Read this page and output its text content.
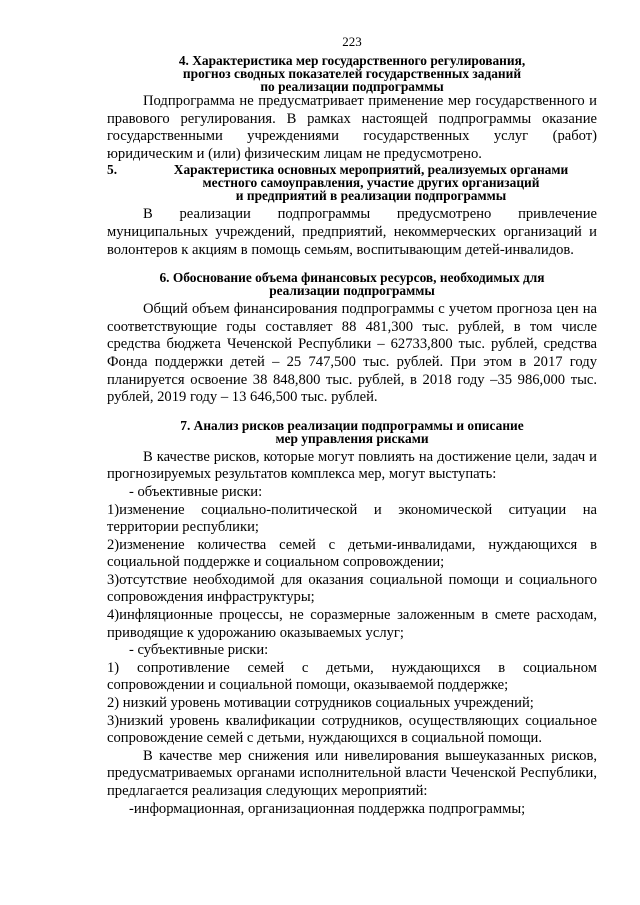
223
4. Характеристика мер государственного регулирования,
прогноз сводных показателей государственных заданий
по реализации подпрограммы

Подпрограмма не предусматривает применение мер государственного и правового регулирования. В рамках настоящей подпрограммы оказание государственными учреждениями государственных услуг (работ) юридическим и (или) физическим лицам не предусмотрено.

5.	Характеристика основных мероприятий, реализуемых органами
местного самоуправления, участие других организаций
и предприятий в реализации подпрограммы

В реализации подпрограммы предусмотрено привлечение муниципальных учреждений, предприятий, некоммерческих организаций и волонтеров к акциям в помощь семьям, воспитывающим детей-инвалидов.

6. Обоснование объема финансовых ресурсов, необходимых для
реализации подпрограммы

Общий объем финансирования подпрограммы с учетом прогноза цен на соответствующие годы составляет 88 481,300 тыс. рублей, в том числе средства бюджета Чеченской Республики – 62733,800 тыс. рублей, средства Фонда поддержки детей – 25 747,500 тыс. рублей. При этом в 2017 году планируется освоение 38 848,800 тыс. рублей, в 2018 году –35 986,000 тыс. рублей, 2019 году – 13 646,500 тыс. рублей.

7. Анализ рисков реализации подпрограммы и описание
мер управления рисками

В качестве рисков, которые могут повлиять на достижение цели, задач и прогнозируемых результатов комплекса мер, могут выступать:

- объективные риски:

1)изменение социально-политической и экономической ситуации на территории республики;

2)изменение количества семей с детьми-инвалидами, нуждающихся в социальной поддержке и социальном сопровождении;

3)отсутствие необходимой для оказания социальной помощи и социального сопровождения инфраструктуры;

4)инфляционные процессы, не соразмерные заложенным в смете расходам, приводящие к удорожанию оказываемых услуг;

- субъективные риски:

1) сопротивление семей с детьми, нуждающихся в социальном сопровождении и социальной помощи, оказываемой поддержке;

2) низкий уровень мотивации сотрудников социальных учреждений;

3)низкий уровень квалификации сотрудников, осуществляющих социальное сопровождение семей с детьми, нуждающихся в социальной помощи.

В качестве мер снижения или нивелирования вышеуказанных рисков, предусматриваемых органами исполнительной власти Чеченской Республики, предлагается реализация следующих мероприятий:

-информационная, организационная поддержка подпрограммы;
